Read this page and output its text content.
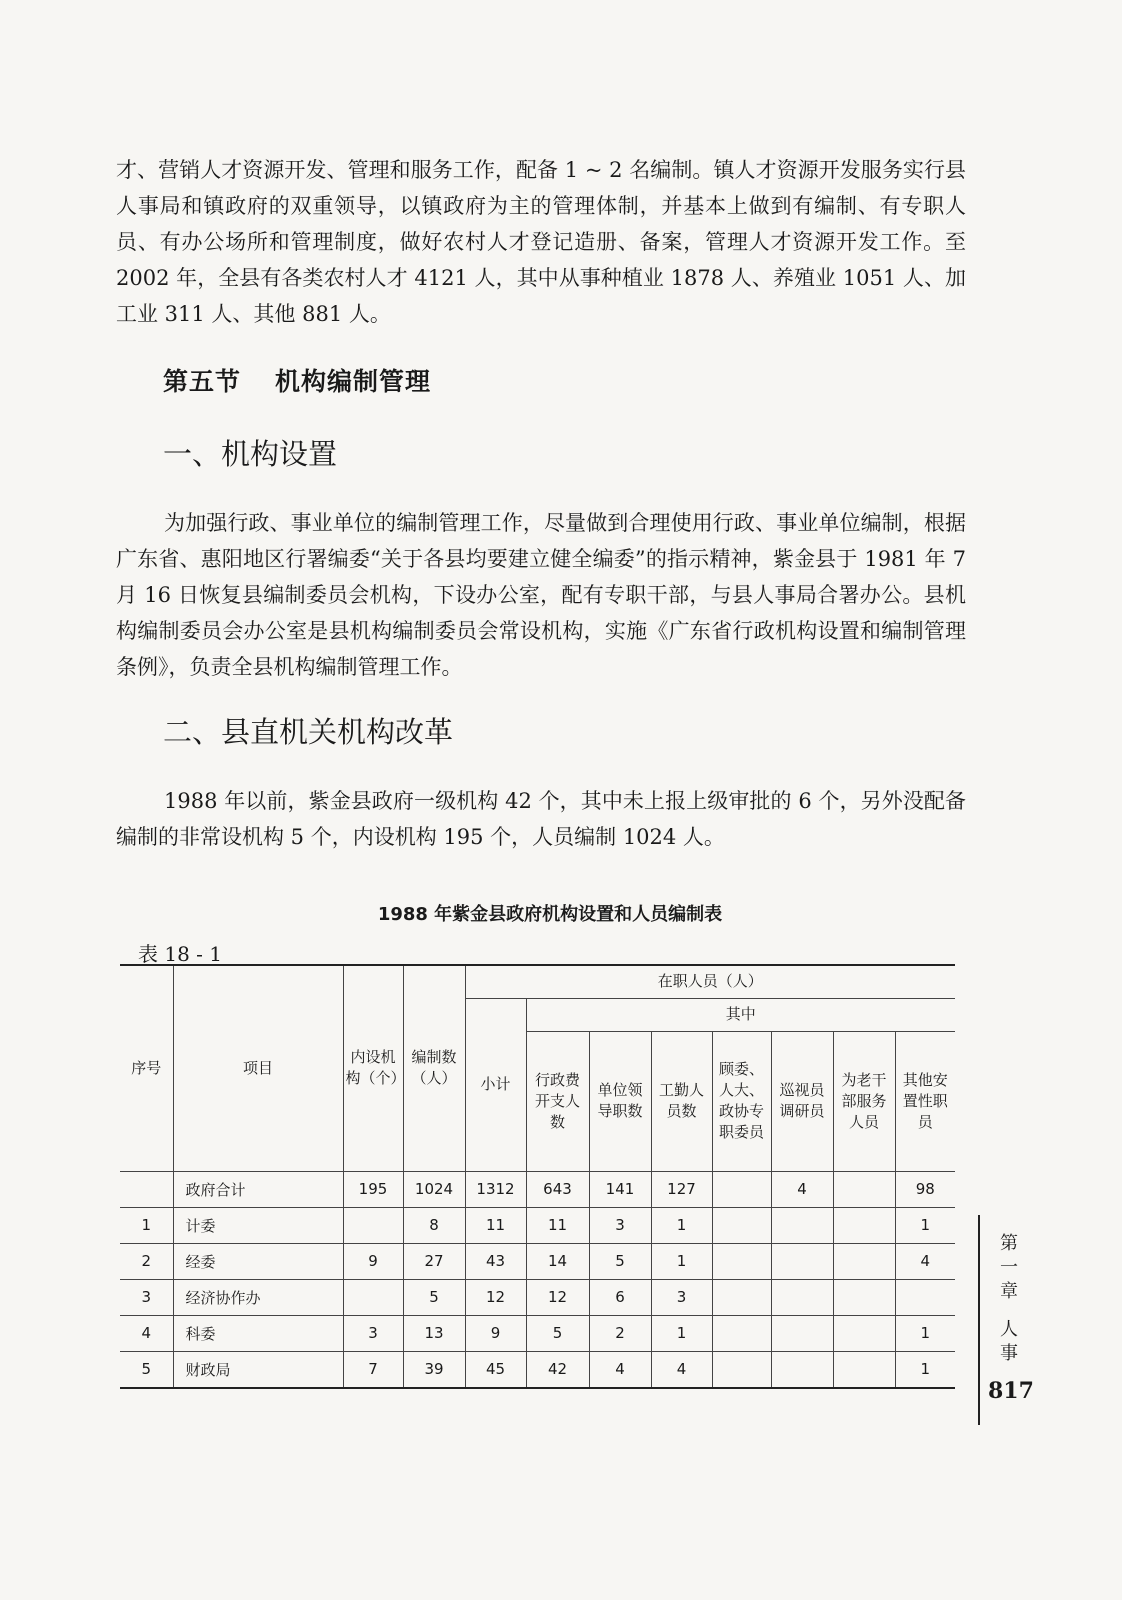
才、营销人才资源开发、管理和服务工作，配备 1 ~ 2 名编制。镇人才资源开发服务实行县人事局和镇政府的双重领导，以镇政府为主的管理体制，并基本上做到有编制、有专职人员、有办公场所和管理制度，做好农村人才登记造册、备案，管理人才资源开发工作。至 2002 年，全县有各类农村人才 4121 人，其中从事种植业 1878 人、养殖业 1051 人、加工业 311 人、其他 881 人。

第五节 机构编制管理
一、机构设置

为加强行政、事业单位的编制管理工作，尽量做到合理使用行政、事业单位编制，根据广东省、惠阳地区行署编委“关于各县均要建立健全编委”的指示精神，紫金县于 1981 年 7 月 16 日恢复县编制委员会机构，下设办公室，配有专职干部，与县人事局合署办公。县机构编制委员会办公室是县机构编制委员会常设机构，实施《广东省行政机构设置和编制管理条例》，负责全县机构编制管理工作。

二、县直机关机构改革

1988 年以前，紫金县政府一级机构 42 个，其中未上报上级审批的 6 个，另外没配备编制的非常设机构 5 个，内设机构 195 个，人员编制 1024 人。

1988 年紫金县政府机构设置和人员编制表

表 18 - 1

序号	项目	内设机构（个）	编制数（人）	在职人员（人）							
				小计	其中						
					行政费开支人数	单位领导职数	工勤人员数	顾委、人大、政协专职委员	巡视员调研员	为老干部服务人员	其他安置性职员
	政府合计	195	1024	1312	643	141	127		4		98
1	计委		8	11	11	3	1				1
2	经委	9	27	43	14	5	1				4
3	经济协作办		5	12	12	6	3				
4	科委	3	13	9	5	2	1				1
5	财政局	7	39	45	42	4	4				1

第一章
人事

817
